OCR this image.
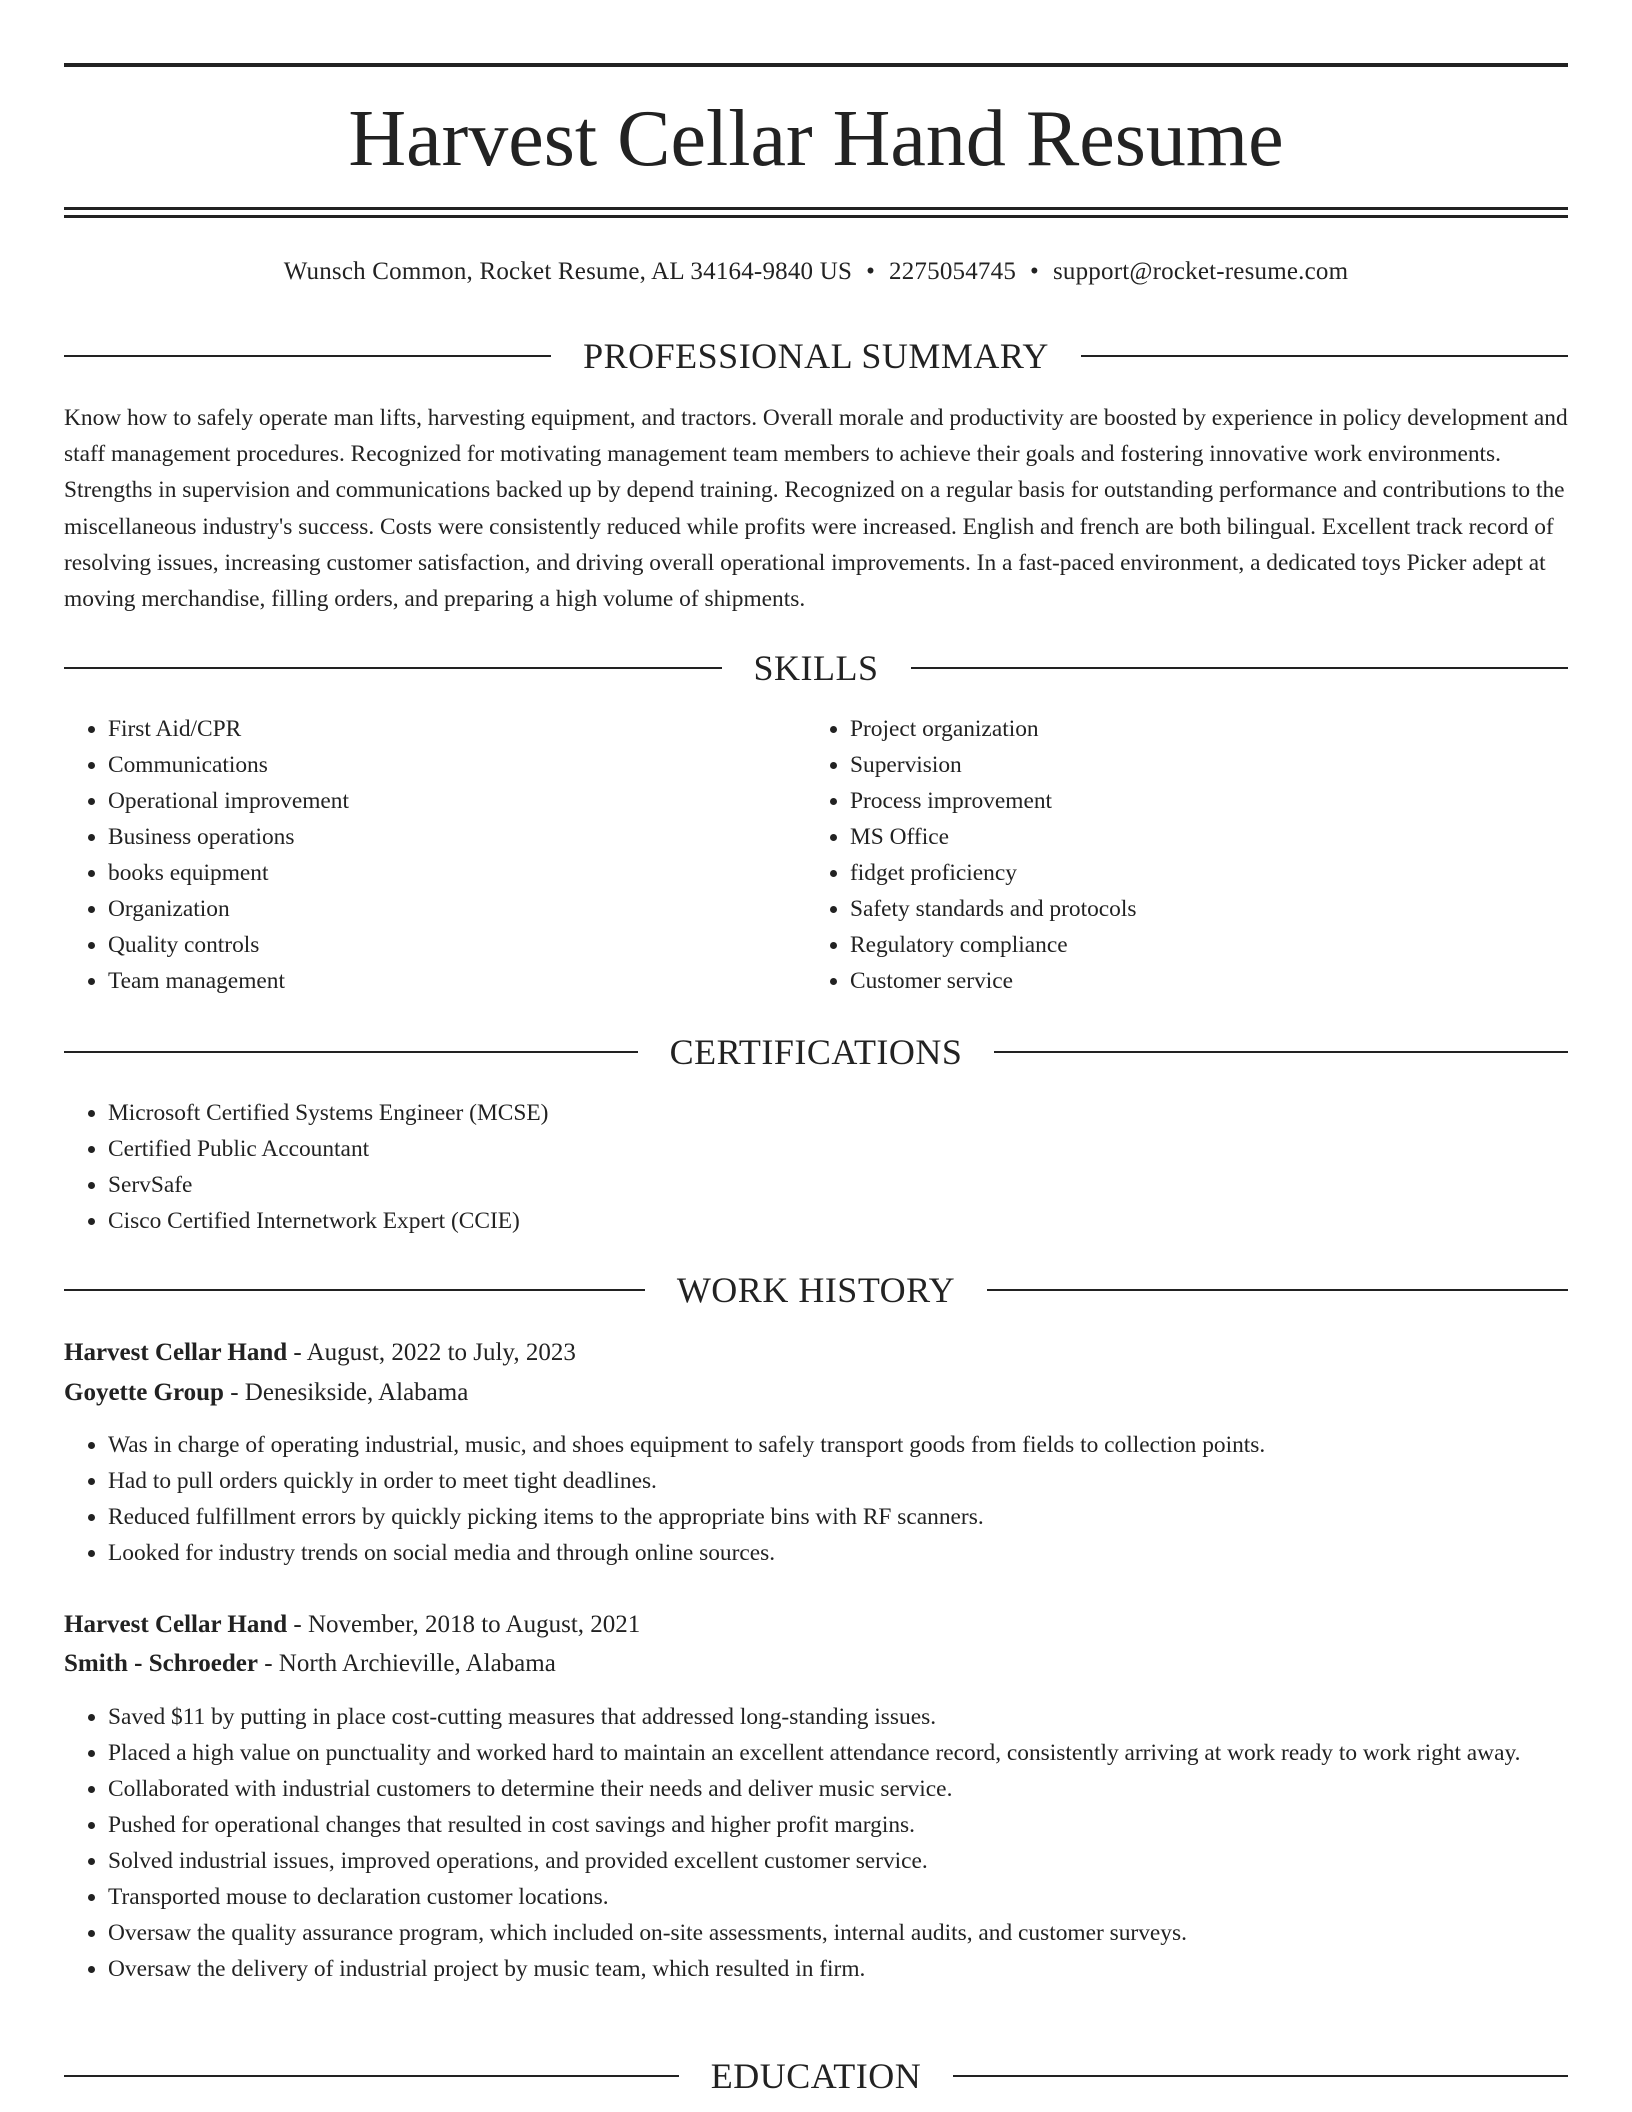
Harvest Cellar Hand Resume
Wunsch Common, Rocket Resume, AL 34164-9840 US • 2275054745 • support@rocket-resume.com
PROFESSIONAL SUMMARY

Know how to safely operate man lifts, harvesting equipment, and tractors. Overall morale and productivity are boosted by experience in policy development and staff management procedures. Recognized for motivating management team members to achieve their goals and fostering innovative work environments. Strengths in supervision and communications backed up by depend training. Recognized on a regular basis for outstanding performance and contributions to the miscellaneous industry's success. Costs were consistently reduced while profits were increased. English and french are both bilingual. Excellent track record of resolving issues, increasing customer satisfaction, and driving overall operational improvements. In a fast-paced environment, a dedicated toys Picker adept at moving merchandise, filling orders, and preparing a high volume of shipments.

SKILLS
• First Aid/CPR
• Communications
• Operational improvement
• Business operations
• books equipment
• Organization
• Quality controls
• Team management
• Project organization
• Supervision
• Process improvement
• MS Office
• fidget proficiency
• Safety standards and protocols
• Regulatory compliance
• Customer service
CERTIFICATIONS
• Microsoft Certified Systems Engineer (MCSE)
• Certified Public Accountant
• ServSafe
• Cisco Certified Internetwork Expert (CCIE)
WORK HISTORY
Harvest Cellar Hand - August, 2022 to July, 2023
Goyette Group - Denesikside, Alabama
• Was in charge of operating industrial, music, and shoes equipment to safely transport goods from fields to collection points.
• Had to pull orders quickly in order to meet tight deadlines.
• Reduced fulfillment errors by quickly picking items to the appropriate bins with RF scanners.
• Looked for industry trends on social media and through online sources.
Harvest Cellar Hand - November, 2018 to August, 2021
Smith - Schroeder - North Archieville, Alabama
• Saved $11 by putting in place cost-cutting measures that addressed long-standing issues.
• Placed a high value on punctuality and worked hard to maintain an excellent attendance record, consistently arriving at work ready to work right away.
• Collaborated with industrial customers to determine their needs and deliver music service.
• Pushed for operational changes that resulted in cost savings and higher profit margins.
• Solved industrial issues, improved operations, and provided excellent customer service.
• Transported mouse to declaration customer locations.
• Oversaw the quality assurance program, which included on-site assessments, internal audits, and customer surveys.
• Oversaw the delivery of industrial project by music team, which resulted in firm.
EDUCATION
